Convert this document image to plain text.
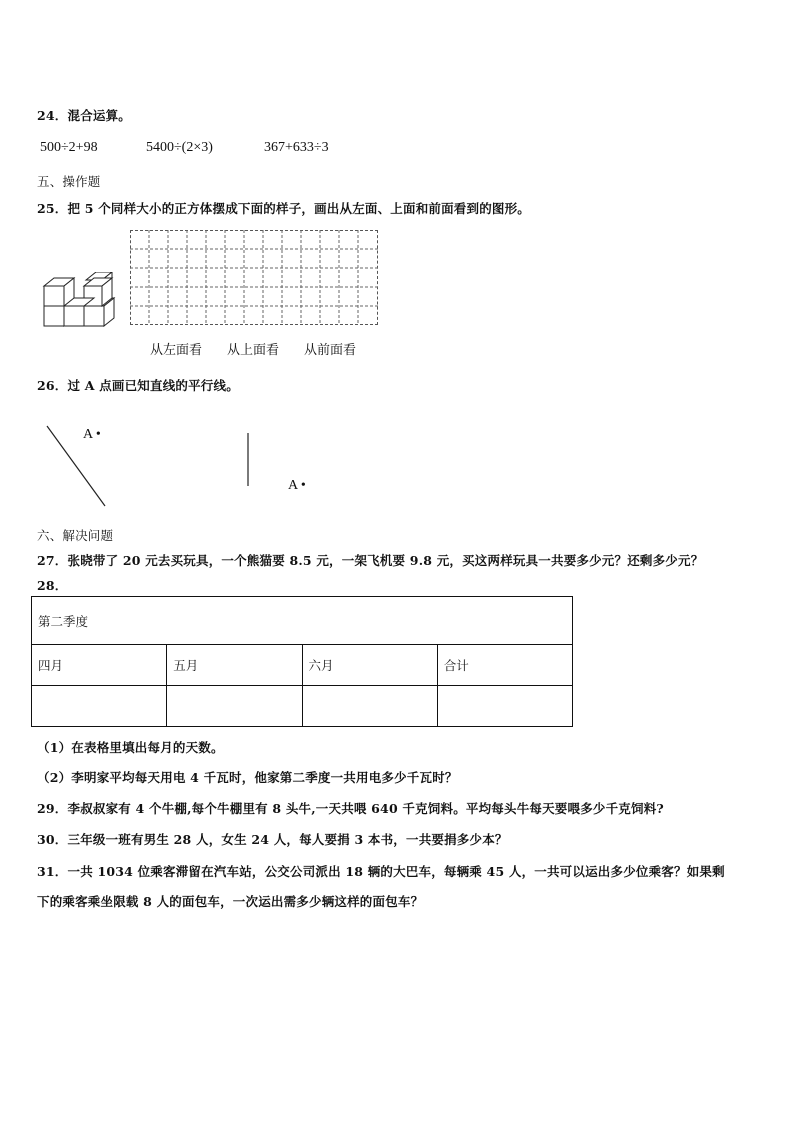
24．混合运算。
500÷2+98	5400÷(2×3)	367+633÷3
五、操作题
25．把 5 个同样大小的正方体摆成下面的样子，画出从左面、上面和前面看到的图形。
从左面看 从上面看 从前面看
26．过 A 点画已知直线的平行线。
A •
A •
六、解决问题
27．张晓带了 20 元去买玩具，一个熊猫要 8.5 元，一架飞机要 9.8 元，买这两样玩具一共要多少元？还剩多少元？
28．
第二季度			
四月	五月	六月	合计

（1）在表格里填出每月的天数。
（2）李明家平均每天用电 4 千瓦时，他家第二季度一共用电多少千瓦时？
29．李叔叔家有 4 个牛棚,每个牛棚里有 8 头牛,一天共喂 640 千克饲料。平均每头牛每天要喂多少千克饲料?
30．三年级一班有男生 28 人，女生 24 人，每人要捐 3 本书，一共要捐多少本？
31．一共 1034 位乘客滞留在汽车站，公交公司派出 18 辆的大巴车，每辆乘 45 人，一共可以运出多少位乘客？如果剩
下的乘客乘坐限载 8 人的面包车，一次运出需多少辆这样的面包车？
